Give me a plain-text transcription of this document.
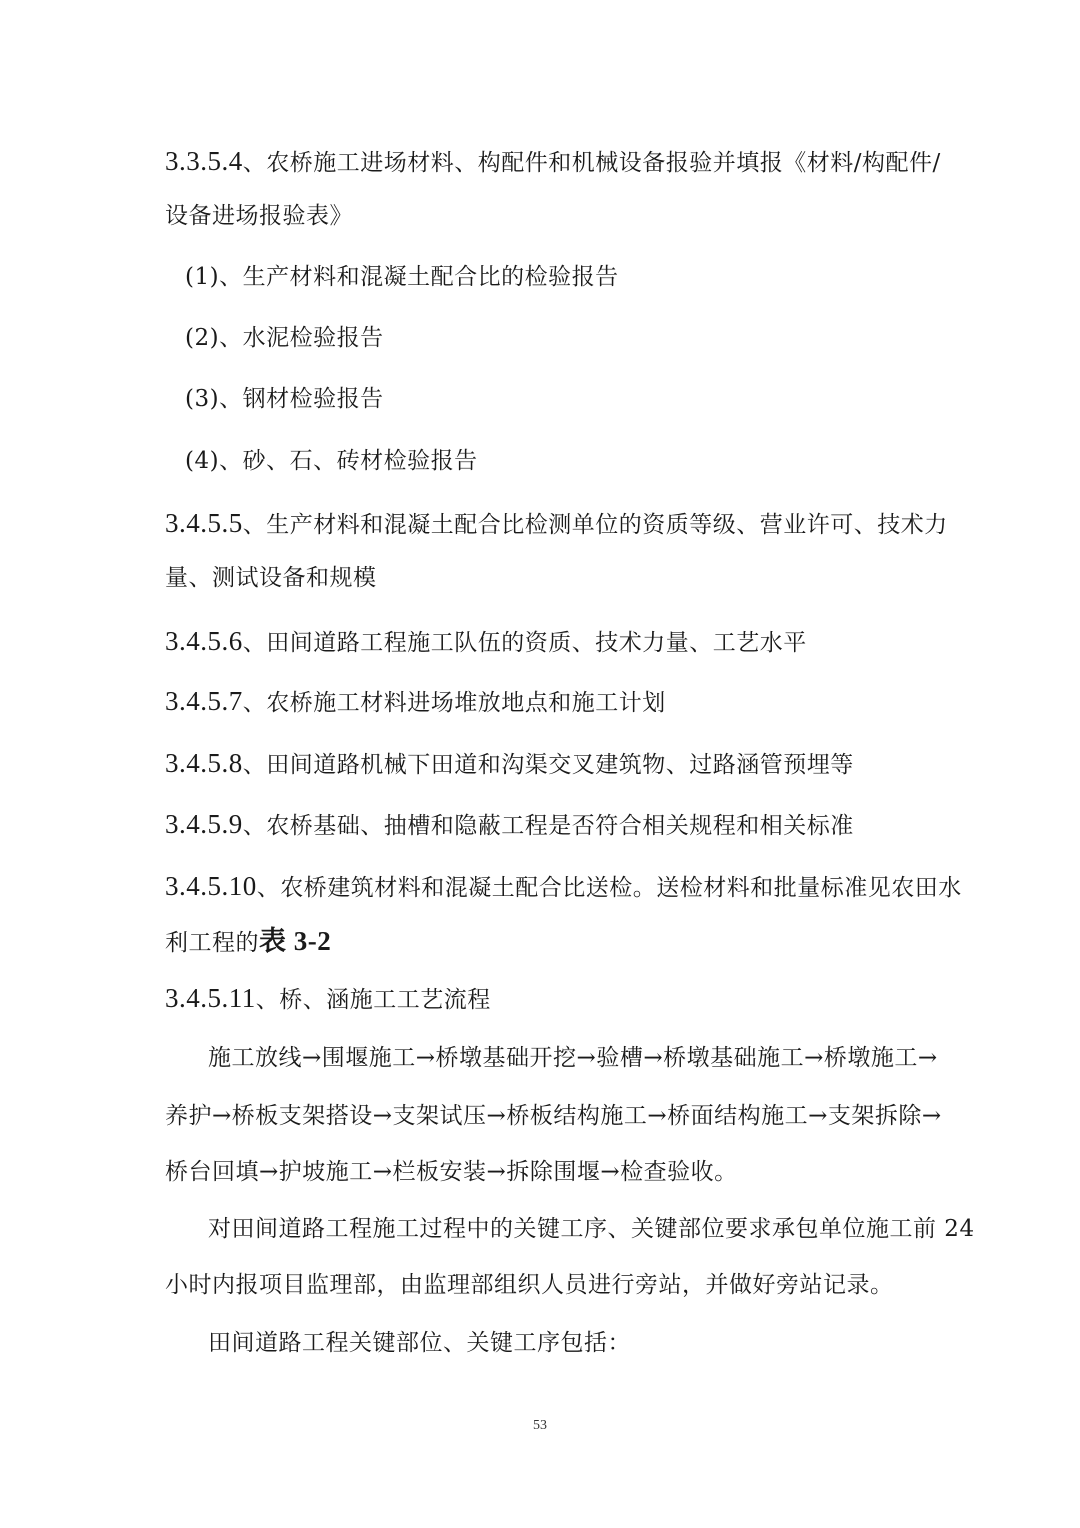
3.3.5.4、农桥施工进场材料、构配件和机械设备报验并填报《材料/构配件/
设备进场报验表》
(1)、生产材料和混凝土配合比的检验报告
(2)、水泥检验报告
(3)、钢材检验报告
(4)、砂、石、砖材检验报告
3.4.5.5、生产材料和混凝土配合比检测单位的资质等级、营业许可、技术力
量、测试设备和规模
3.4.5.6、田间道路工程施工队伍的资质、技术力量、工艺水平
3.4.5.7、农桥施工材料进场堆放地点和施工计划
3.4.5.8、田间道路机械下田道和沟渠交叉建筑物、过路涵管预埋等
3.4.5.9、农桥基础、抽槽和隐蔽工程是否符合相关规程和相关标准
3.4.5.10、农桥建筑材料和混凝土配合比送检。送检材料和批量标准见农田水
利工程的表 3-2
3.4.5.11、桥、涵施工工艺流程
施工放线→围堰施工→桥墩基础开挖→验槽→桥墩基础施工→桥墩施工→
养护→桥板支架搭设→支架试压→桥板结构施工→桥面结构施工→支架拆除→
桥台回填→护坡施工→栏板安装→拆除围堰→检查验收。
对田间道路工程施工过程中的关键工序、关键部位要求承包单位施工前 24
小时内报项目监理部，由监理部组织人员进行旁站，并做好旁站记录。
田间道路工程关键部位、关键工序包括：
53
